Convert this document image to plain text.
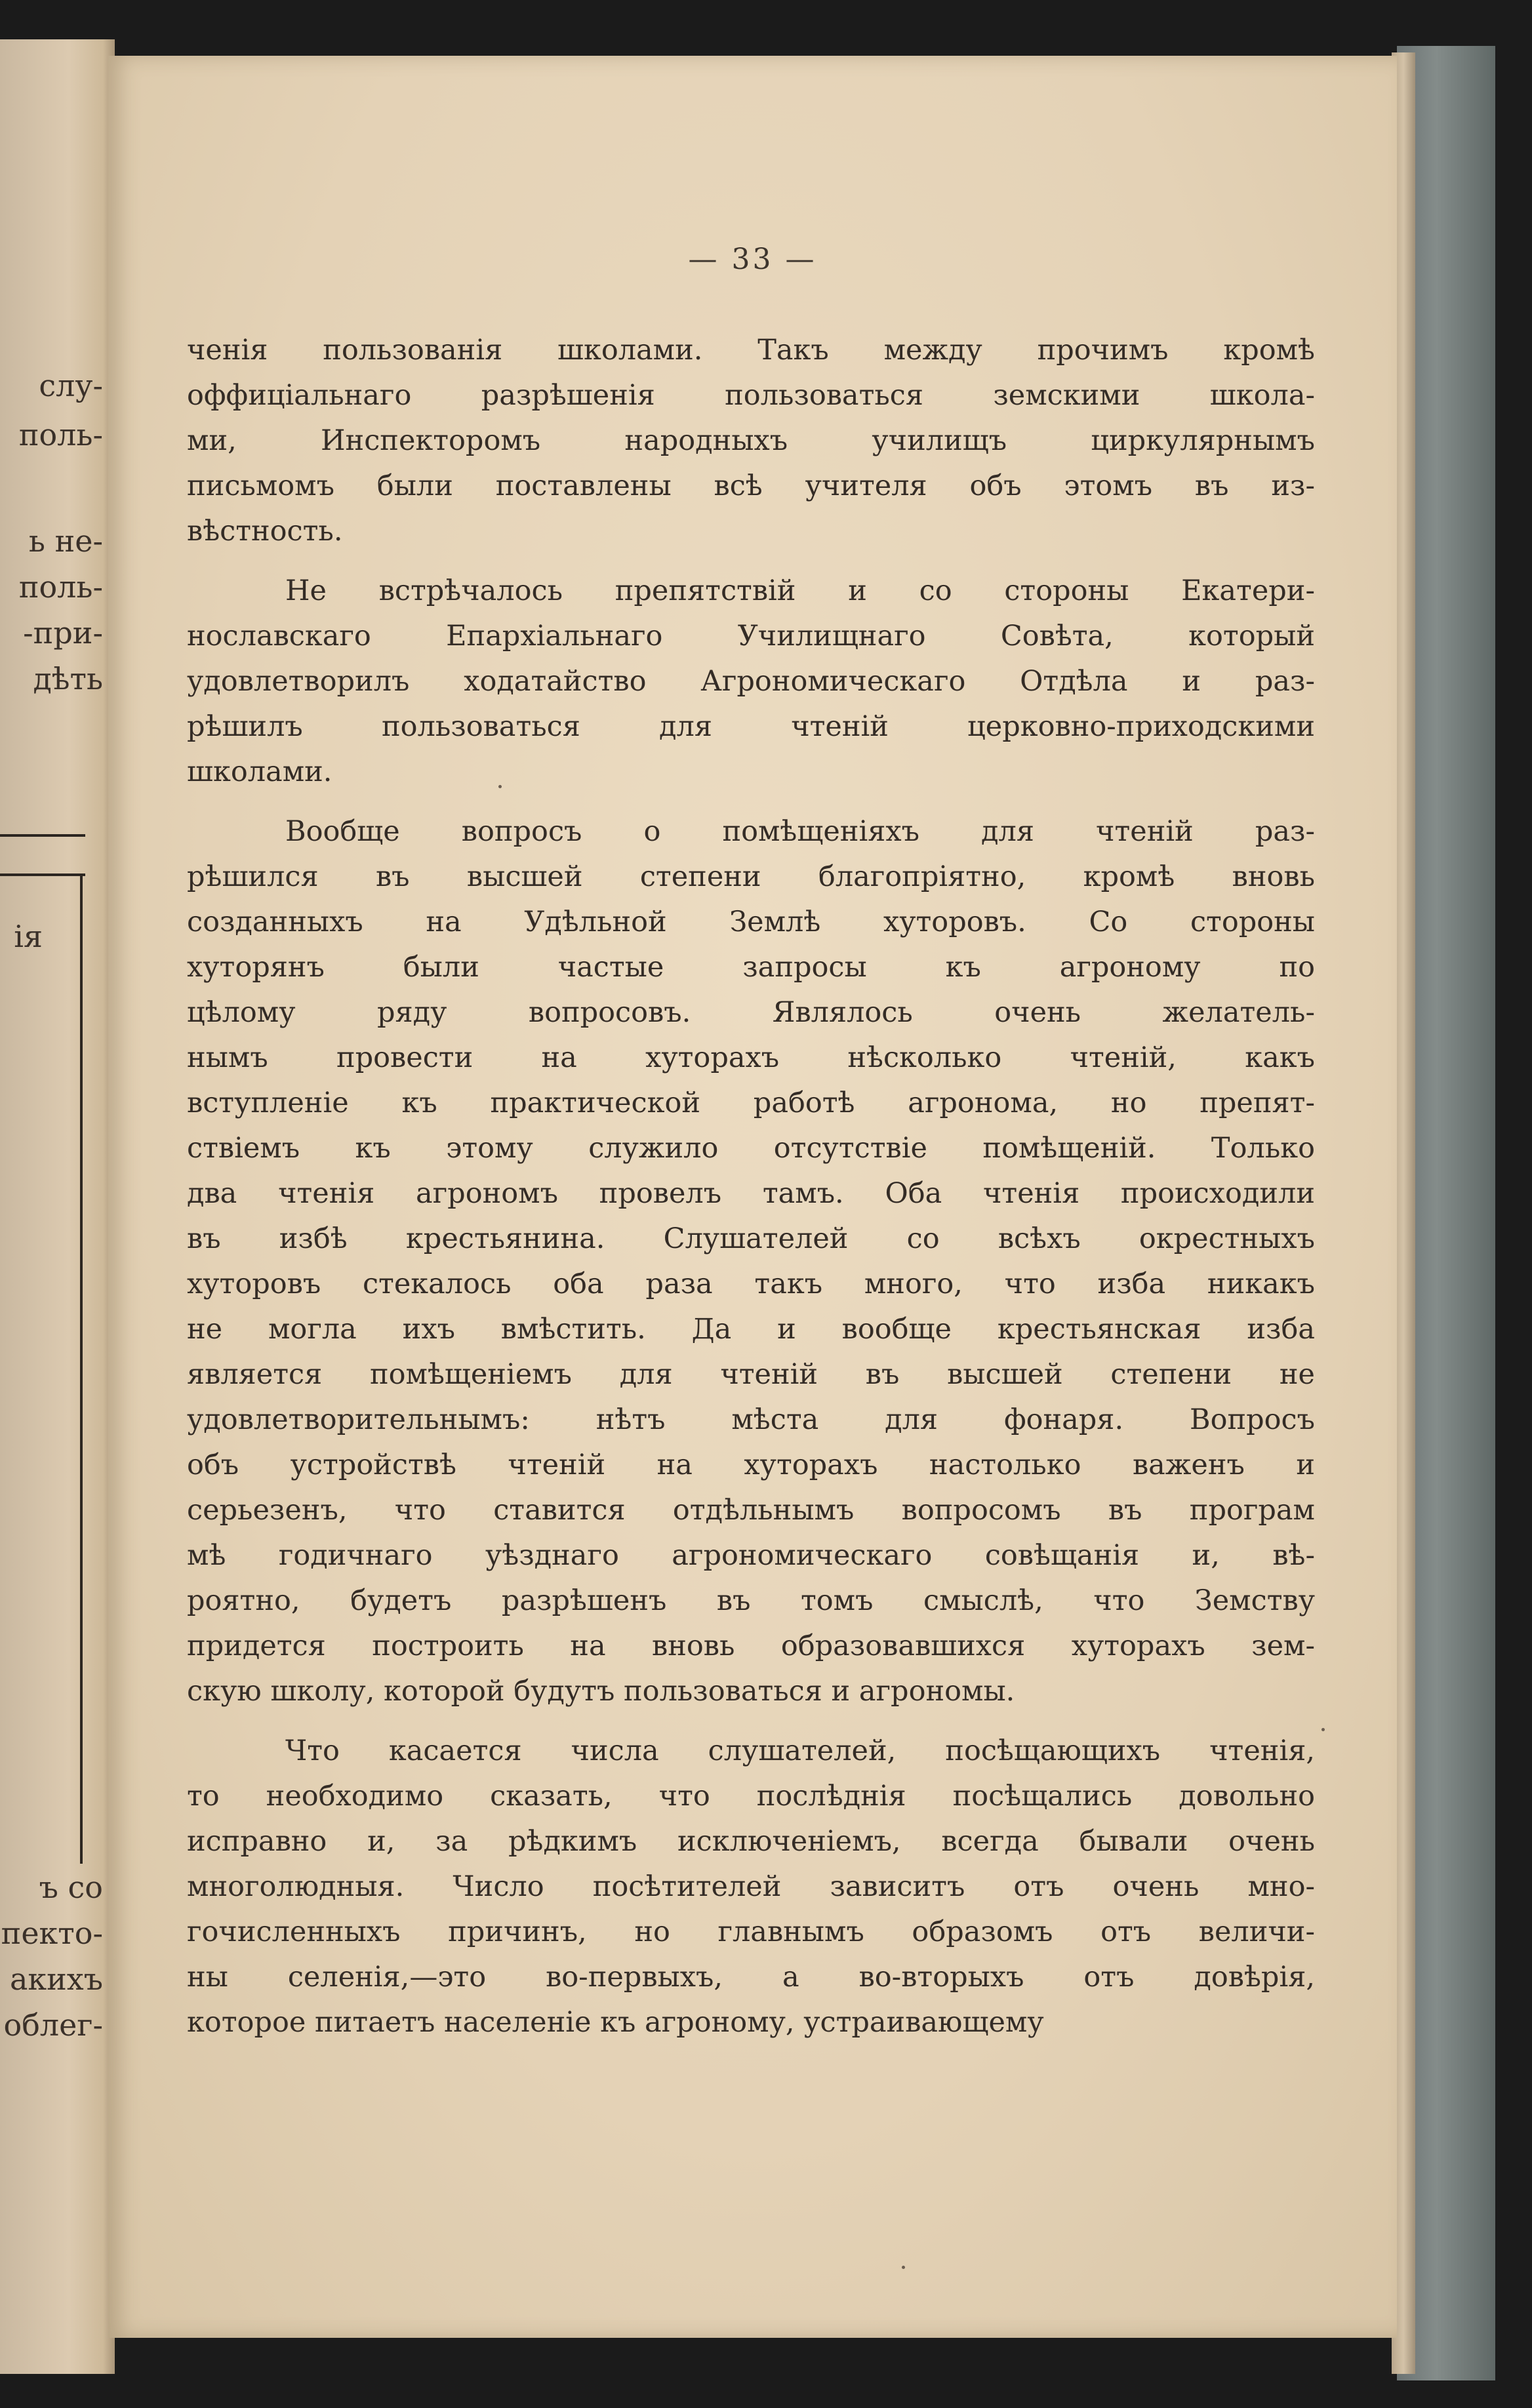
слу-
поль-
ь не-
поль-
-при-
дѣть
ія
ъ со
пекто-
акихъ
облег-
— 33 —

ченія пользованія школами. Такъ между прочимъ кромѣ
оффиціальнаго разрѣшенія пользоваться земскими школа-
ми, Инспекторомъ народныхъ училищъ циркулярнымъ
письмомъ были поставлены всѣ учителя объ этомъ въ из-
вѣстность.

Не встрѣчалось препятствій и со стороны Екатери-
нославскаго Епархіальнаго Училищнаго Совѣта, который
удовлетворилъ ходатайство Агрономическаго Отдѣла и раз-
рѣшилъ пользоваться для чтеній церковно-приходскими
школами.

Вообще вопросъ о помѣщеніяхъ для чтеній раз-
рѣшился въ высшей степени благопріятно, кромѣ вновь
созданныхъ на Удѣльной Землѣ хуторовъ. Со стороны
хуторянъ были частые запросы къ агроному по
цѣлому ряду вопросовъ. Являлось очень желатель-
нымъ провести на хуторахъ нѣсколько чтеній, какъ
вступленіе къ практической работѣ агронома, но препят-
ствіемъ къ этому служило отсутствіе помѣщеній. Только
два чтенія агрономъ провелъ тамъ. Оба чтенія происходили
въ избѣ крестьянина. Слушателей со всѣхъ окрестныхъ
хуторовъ стекалось оба раза такъ много, что изба никакъ
не могла ихъ вмѣстить. Да и вообще крестьянская изба
является помѣщеніемъ для чтеній въ высшей степени не
удовлетворительнымъ: нѣтъ мѣста для фонаря. Вопросъ
объ устройствѣ чтеній на хуторахъ настолько важенъ и
серьезенъ, что ставится отдѣльнымъ вопросомъ въ програм
мѣ годичнаго уѣзднаго агрономическаго совѣщанія и, вѣ-
роятно, будетъ разрѣшенъ въ томъ смыслѣ, что Земству
придется построить на вновь образовавшихся хуторахъ зем-
скую школу, которой будутъ пользоваться и агрономы.

Что касается числа слушателей, посѣщающихъ чтенія,
то необходимо сказать, что послѣднія посѣщались довольно
исправно и, за рѣдкимъ исключеніемъ, всегда бывали очень
многолюдныя. Число посѣтителей зависитъ отъ очень мно-
гочисленныхъ причинъ, но главнымъ образомъ отъ величи-
ны селенія,—это во-первыхъ, а во-вторыхъ отъ довѣрія,
которое питаетъ населеніе къ агроному, устраивающему
